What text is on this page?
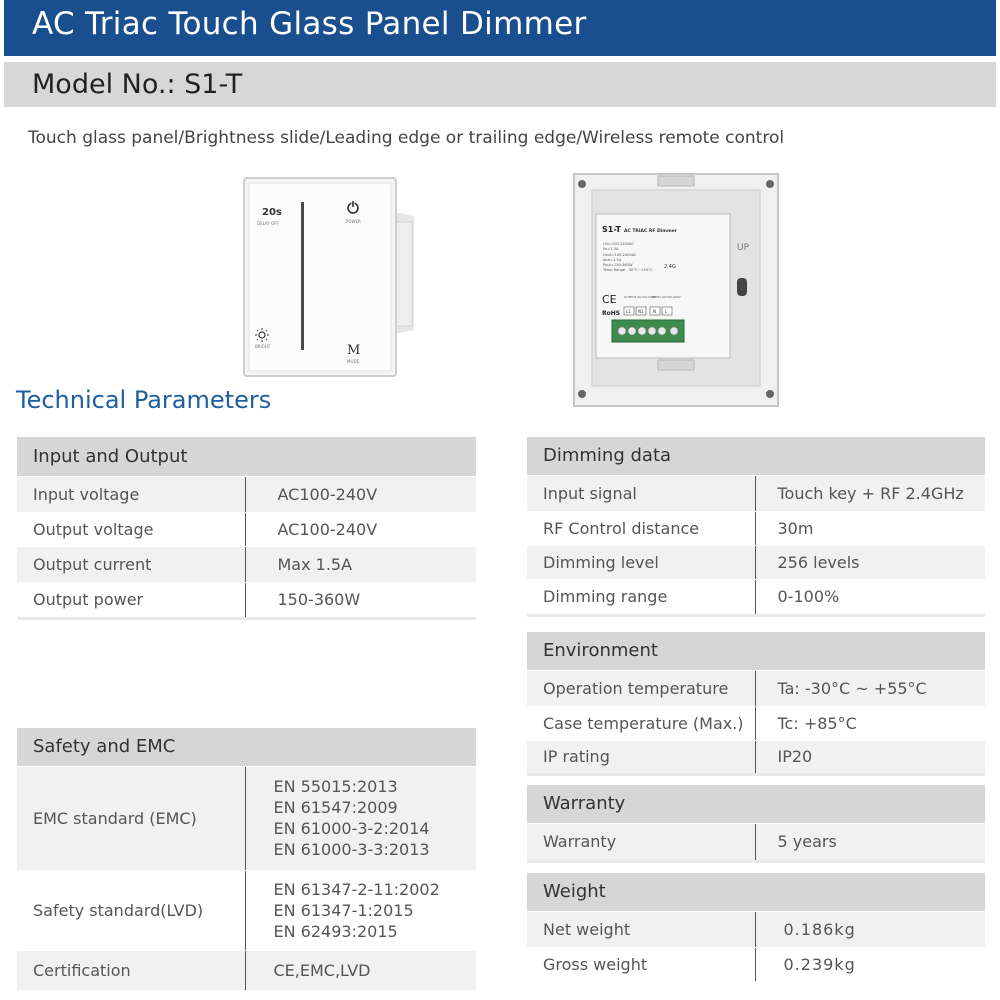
AC Triac Touch Glass Panel Dimmer
Model No.: S1-T
Touch glass panel/Brightness slide/Leading edge or trailing edge/Wireless remote control
20s
DELAY OFF	POWER
BRIGHT	M
MODE
UP
S1-T AC TRIAC RF Dimmer
Uin=100-240VAC
Iin=1.5A
Uout=100-240VAC
Iout=1.5A
Pout=150-360W
Temp Range: -30°C~+55°C 2.4G
CE
RoHS
OUTPUT AC100-240V
INPUT AC100-240V
L1 N1 N L
Technical Parameters
Input and Output	
Input voltage	AC100-240V
Output voltage	AC100-240V
Output current	Max 1.5A
Output power	150-360W
Dimming data	
Input signal	Touch key + RF 2.4GHz
RF Control distance	30m
Dimming level	256 levels
Dimming range	0-100%
Environment	
Operation temperature	Ta: -30°C ~ +55°C
Case temperature (Max.)	Tc: +85°C
IP rating	IP20
Warranty
Warranty	5 years
Weight	
Net weight	0.186kg
Gross weight	0.239kg
Safety and EMC	
EMC standard (EMC)	EN 55015:2013
EN 61547:2009
EN 61000-3-2:2014
EN 61000-3-3:2013

Safety standard(LVD)	EN 61347-2-11:2002
EN 61347-1:2015
EN 62493:2015

Certification	CE,EMC,LVD
